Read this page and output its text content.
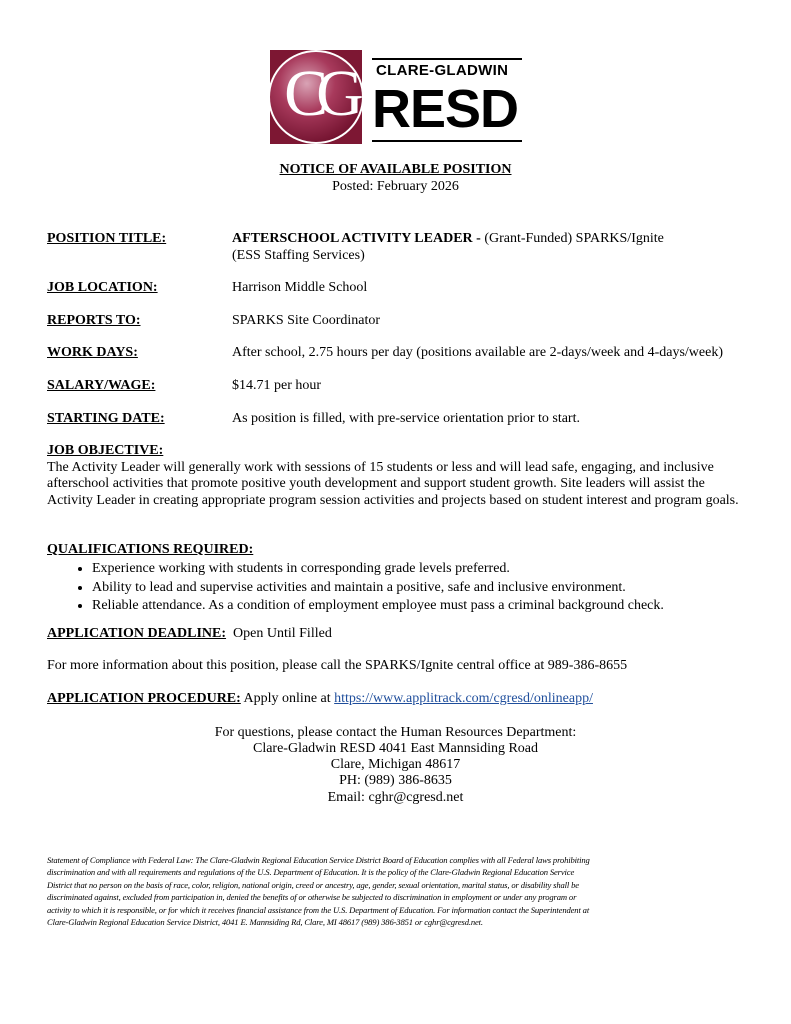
CG	CLARE-GLADWIN
RESD
NOTICE OF AVAILABLE POSITION
Posted: February 2026
POSITION TITLE:	AFTERSCHOOL ACTIVITY LEADER - (Grant-Funded) SPARKS/Ignite
(ESS Staffing Services)
JOB LOCATION:	Harrison Middle School
REPORTS TO:	SPARKS Site Coordinator
WORK DAYS:	After school, 2.75 hours per day (positions available are 2-days/week and 4-days/week)
SALARY/WAGE:	$14.71 per hour
STARTING DATE:	As position is filled, with pre-service orientation prior to start.
JOB OBJECTIVE:
The Activity Leader will generally work with sessions of 15 students or less and will lead safe, engaging, and inclusive afterschool activities that promote positive youth development and support student growth. Site leaders will assist the Activity Leader in creating appropriate program session activities and projects based on student interest and program goals.
QUALIFICATIONS REQUIRED:
• Experience working with students in corresponding grade levels preferred.
• Ability to lead and supervise activities and maintain a positive, safe and inclusive environment.
• Reliable attendance. As a condition of employment employee must pass a criminal background check.
APPLICATION DEADLINE: Open Until Filled
For more information about this position, please call the SPARKS/Ignite central office at 989-386-8655
APPLICATION PROCEDURE: Apply online at https://www.applitrack.com/cgresd/onlineapp/
For questions, please contact the Human Resources Department:
Clare-Gladwin RESD 4041 East Mannsiding Road
Clare, Michigan 48617
PH: (989) 386-8635
Email: cghr@cgresd.net
Statement of Compliance with Federal Law: The Clare-Gladwin Regional Education Service District Board of Education complies with all Federal laws prohibiting
discrimination and with all requirements and regulations of the U.S. Department of Education. It is the policy of the Clare-Gladwin Regional Education Service
District that no person on the basis of race, color, religion, national origin, creed or ancestry, age, gender, sexual orientation, marital status, or disability shall be
discriminated against, excluded from participation in, denied the benefits of or otherwise be subjected to discrimination in employment or under any program or
activity to which it is responsible, or for which it receives financial assistance from the U.S. Department of Education. For information contact the Superintendent at
Clare-Gladwin Regional Education Service District, 4041 E. Mannsiding Rd, Clare, MI 48617 (989) 386-3851 or cghr@cgresd.net.
